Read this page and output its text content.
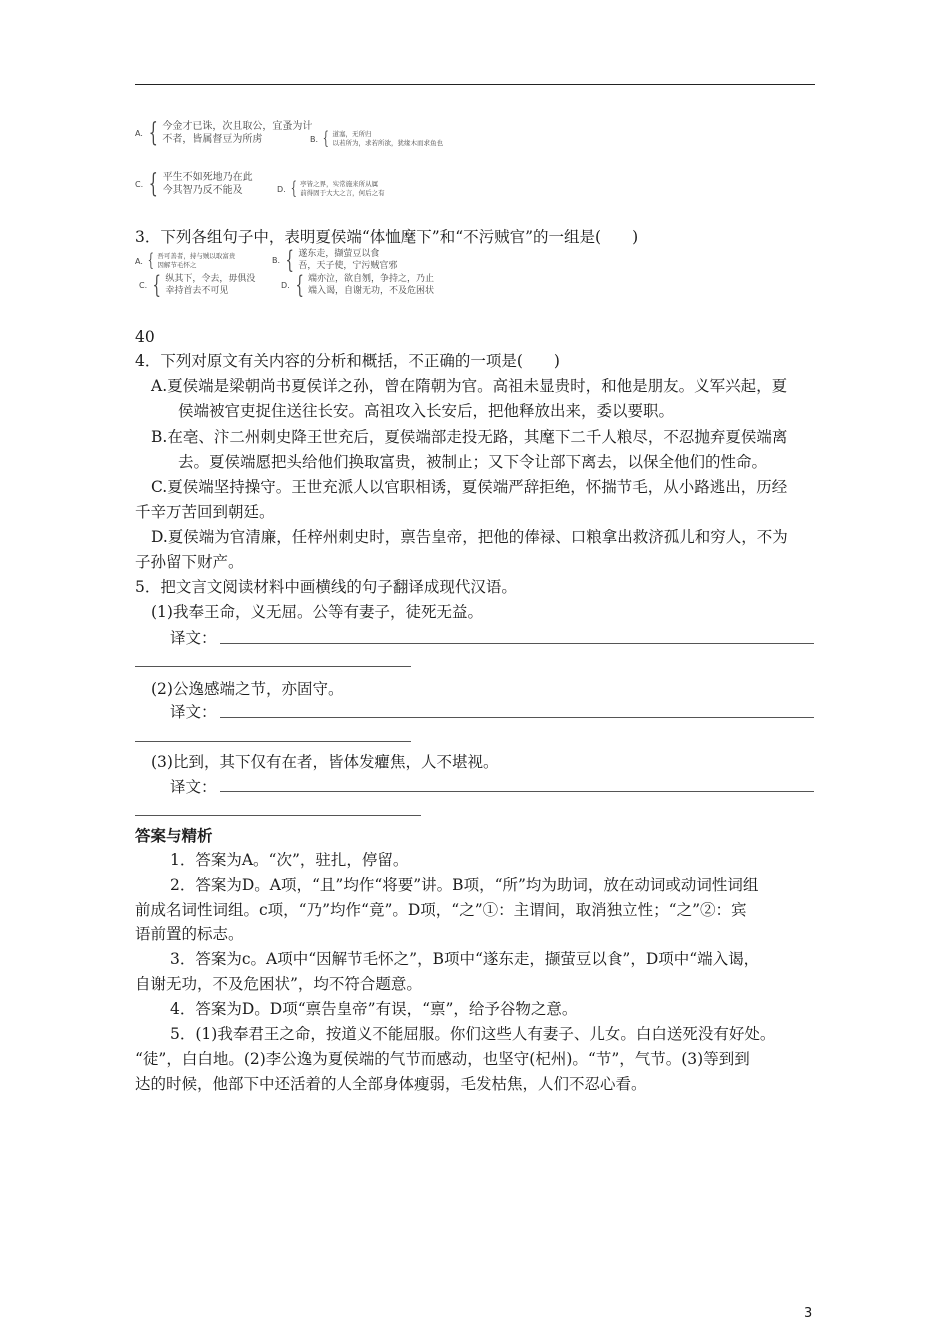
A. { 今金才已诛，次且取公，宜蚤为计
不者，皆属督豆为所虏	B. { 道塞，无所归
以若所为，求若所欲，犹缘木而求鱼也
C. { 平生不如死地乃在此
今其智乃反不能及	D. { 亭皆之界，实常施来所从属
前得固于大大之言，何后之有
3．下列各组句子中，表明夏侯端“体恤麾下”和“不污贼官”的一组是(　　)
A. { 吾可善者，持与贼以取富贵
因解节毛怀之
B. { 遂东走，撷萤豆以食
吾，天子使，宁污贼官邪
C. { 纵其下，令去，毋俱没
幸持首去不可见
D. { 端亦泣，欲自刎，争持之，乃止
端入谒，自谢无功，不及危困状
40
4．下列对原文有关内容的分析和概括，不正确的一项是(　　)
A.夏侯端是梁朝尚书夏侯详之孙，曾在隋朝为官。高祖未显贵时，和他是朋友。义军兴起，夏
侯端被官吏捉住送往长安。高祖攻入长安后，把他释放出来，委以要职。
B.在亳、汴二州刺史降王世充后，夏侯端部走投无路，其麾下二千人粮尽，不忍抛弃夏侯端离
去。夏侯端愿把头给他们换取富贵，被制止；又下令让部下离去，以保全他们的性命。
C.夏侯端坚持操守。王世充派人以官职相诱，夏侯端严辞拒绝，怀揣节毛，从小路逃出，历经
千辛万苦回到朝廷。
D.夏侯端为官清廉，任梓州刺史时，禀告皇帝，把他的俸禄、口粮拿出救济孤儿和穷人，不为
子孙留下财产。
5．把文言文阅读材料中画横线的句子翻译成现代汉语。
(1)我奉王命，义无屈。公等有妻子，徒死无益。
译文：
(2)公逸感端之节，亦固守。
译文：
(3)比到，其下仅有在者，皆体发癯焦，人不堪视。
译文：
答案与精析
1．答案为A。“次”，驻扎，停留。
2．答案为D。A项，“且”均作“将要”讲。B项，“所”均为助词，放在动词或动词性词组
前成名词性词组。c项，“乃”均作“竟”。D项，“之”①：主谓间，取消独立性；“之”②：宾
语前置的标志。
3．答案为c。A项中“因解节毛怀之”，B项中“遂东走，撷萤豆以食”，D项中“端入谒，
自谢无功，不及危困状”，均不符合题意。
4．答案为D。D项“禀告皇帝”有误，“禀”，给予谷物之意。
5．(1)我奉君王之命，按道义不能屈服。你们这些人有妻子、儿女。白白送死没有好处。
“徒”，白白地。(2)李公逸为夏侯端的气节而感动，也坚守(杞州)。“节”，气节。(3)等到到
达的时候，他部下中还活着的人全部身体瘦弱，毛发枯焦，人们不忍心看。
3
